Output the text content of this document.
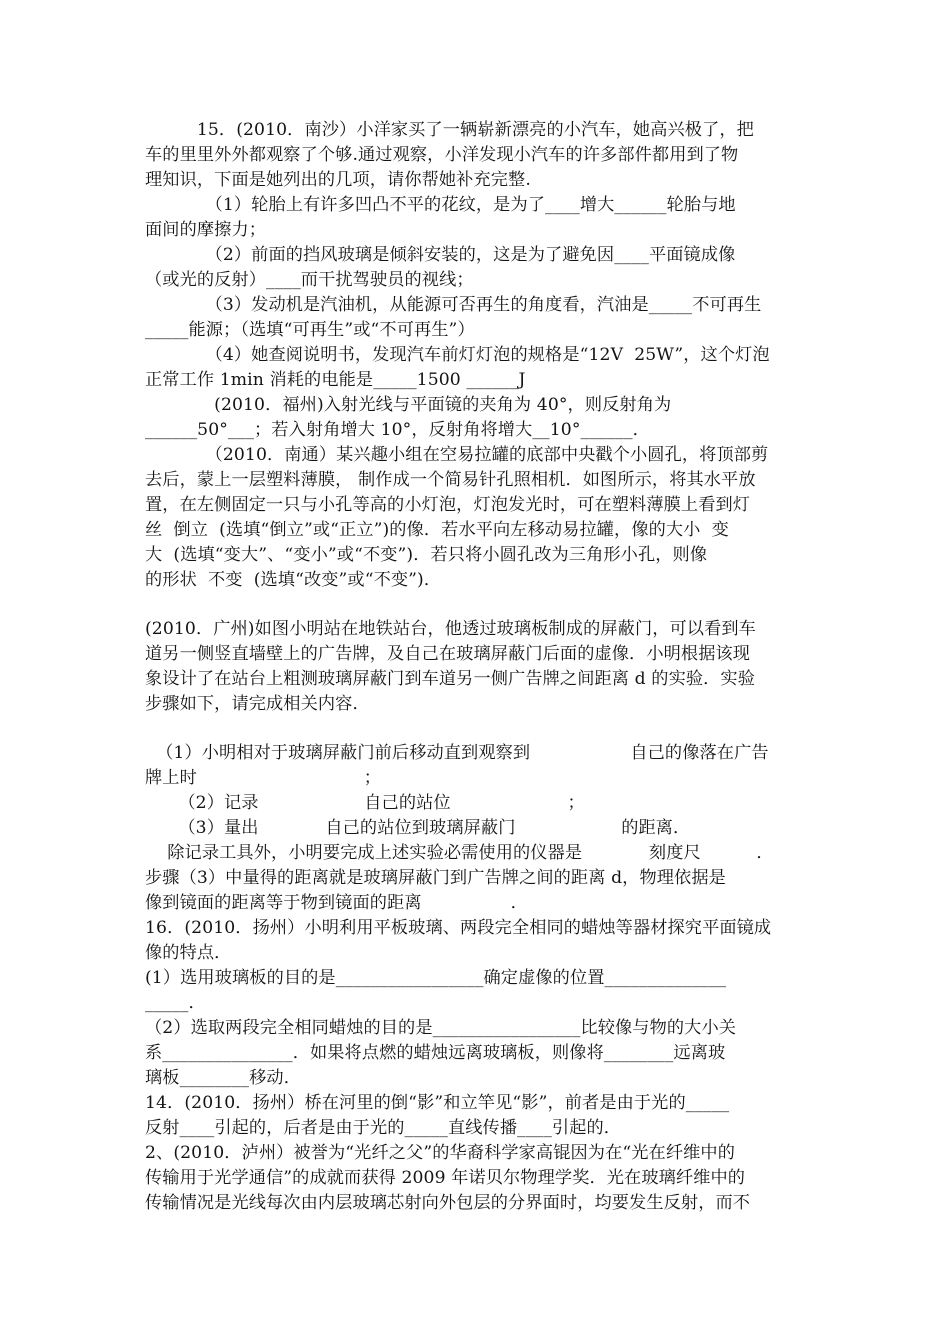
　　　15．(2010．南沙）小洋家买了一辆崭新漂亮的小汽车，她高兴极了，把

车的里里外外都观察了个够.通过观察，小洋发现小汽车的许多部件都用到了物

理知识，下面是她列出的几项，请你帮她补充完整.

　　　　（1）轮胎上有许多凹凸不平的花纹，是为了____增大______轮胎与地

面间的摩擦力；

　　　　（2）前面的挡风玻璃是倾斜安装的，这是为了避免因____平面镜成像

（或光的反射）____而干扰驾驶员的视线；

　　　　（3）发动机是汽油机，从能源可否再生的角度看，汽油是_____不可再生

_____能源；（选填“可再生”或“不可再生”）

　　　　（4）她查阅说明书，发现汽车前灯灯泡的规格是“12V  25W”，这个灯泡

正常工作 1min 消耗的电能是_____1500 ______J

　　　　(2010．福州)入射光线与平面镜的夹角为 40°，则反射角为

______50°___；若入射角增大 10°，反射角将增大__10°______．

　　　　（2010．南通）某兴趣小组在空易拉罐的底部中央戳个小圆孔，将顶部剪

去后，蒙上一层塑料薄膜， 制作成一个简易针孔照相机．如图所示，将其水平放

置，在左侧固定一只与小孔等高的小灯泡，灯泡发光时，可在塑料薄膜上看到灯

丝  倒立  (选填“倒立”或“正立”)的像．若水平向左移动易拉罐，像的大小  变

大  (选填“变大”、“变小”或“不变”)．若只将小圆孔改为三角形小孔，则像

的形状  不变  (选填“改变”或“不变”)．

(2010．广州)如图小明站在地铁站台，他透过玻璃板制成的屏蔽门，可以看到车

道另一侧竖直墙壁上的广告牌，及自己在玻璃屏蔽门后面的虚像．小明根据该现

象设计了在站台上粗测玻璃屏蔽门到车道另一侧广告牌之间距离 d 的实验．实验

步骤如下，请完成相关内容．

（1）小明相对于玻璃屏蔽门前后移动直到观察到                  自己的像落在广告

牌上时                              ；

（2）记录                   自己的站位                     ；

（3）量出            自己的站位到玻璃屏蔽门                   的距离．

除记录工具外，小明要完成上述实验必需使用的仪器是            刻度尺          ．

步骤（3）中量得的距离就是玻璃屏蔽门到广告牌之间的距离 d，物理依据是

像到镜面的距离等于物到镜面的距离                ．

16．(2010．扬州）小明利用平板玻璃、两段完全相同的蜡烛等器材探究平面镜成

像的特点．

(1）选用玻璃板的目的是_________________确定虚像的位置______________

_____．

（2）选取两段完全相同蜡烛的目的是_________________比较像与物的大小关

系_______________．如果将点燃的蜡烛远离玻璃板，则像将________远离玻

璃板________移动．

14．(2010．扬州）桥在河里的倒“影”和立竿见“影”，前者是由于光的_____

反射____引起的，后者是由于光的_____直线传播____引起的．

2、(2010．泸州）被誉为“光纤之父”的华裔科学家高锟因为在“光在纤维中的

传输用于光学通信”的成就而获得 2009 年诺贝尔物理学奖．光在玻璃纤维中的

传输情况是光线每次由内层玻璃芯射向外包层的分界面时，均要发生反射，而不
